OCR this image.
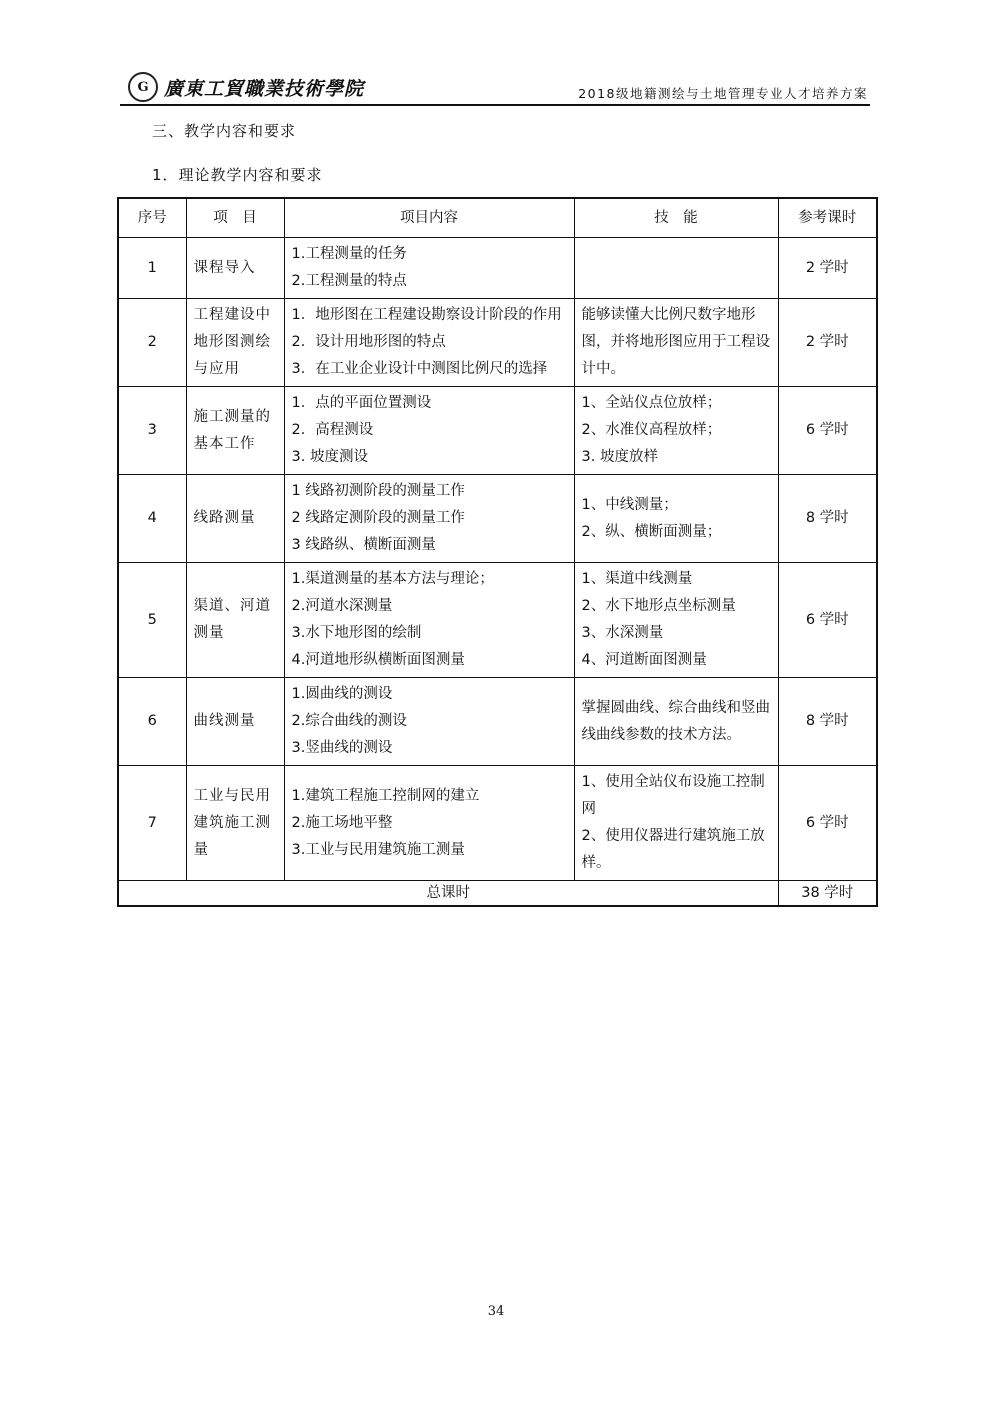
G 廣東工貿職業技術學院	2018级地籍测绘与土地管理专业人才培养方案
三、教学内容和要求
1．理论教学内容和要求
序号	项　目	项目内容	技　能	参考课时
1	课程导入	1.工程测量的任务
2.工程测量的特点		2 学时
2	工程建设中地形图测绘与应用	1．地形图在工程建设勘察设计阶段的作用
2．设计用地形图的特点
3．在工业企业设计中测图比例尺的选择	能够读懂大比例尺数字地形图，并将地形图应用于工程设计中。	2 学时
3	施工测量的基本工作	1．点的平面位置测设
2．高程测设
3. 坡度测设	1、全站仪点位放样；
2、水准仪高程放样；
3. 坡度放样	6 学时
4	线路测量	1 线路初测阶段的测量工作
2 线路定测阶段的测量工作
3 线路纵、横断面测量	1、中线测量；
2、纵、横断面测量；	8 学时
5	渠道、河道测量	1.渠道测量的基本方法与理论；
2.河道水深测量
3.水下地形图的绘制
4.河道地形纵横断面图测量	1、渠道中线测量
2、水下地形点坐标测量
3、水深测量
4、河道断面图测量	6 学时
6	曲线测量	1.圆曲线的测设
2.综合曲线的测设
3.竖曲线的测设	掌握圆曲线、综合曲线和竖曲线曲线参数的技术方法。	8 学时
7	工业与民用建筑施工测量	1.建筑工程施工控制网的建立
2.施工场地平整
3.工业与民用建筑施工测量	1、使用全站仪布设施工控制网
2、使用仪器进行建筑施工放样。	6 学时
总课时				38 学时
34
